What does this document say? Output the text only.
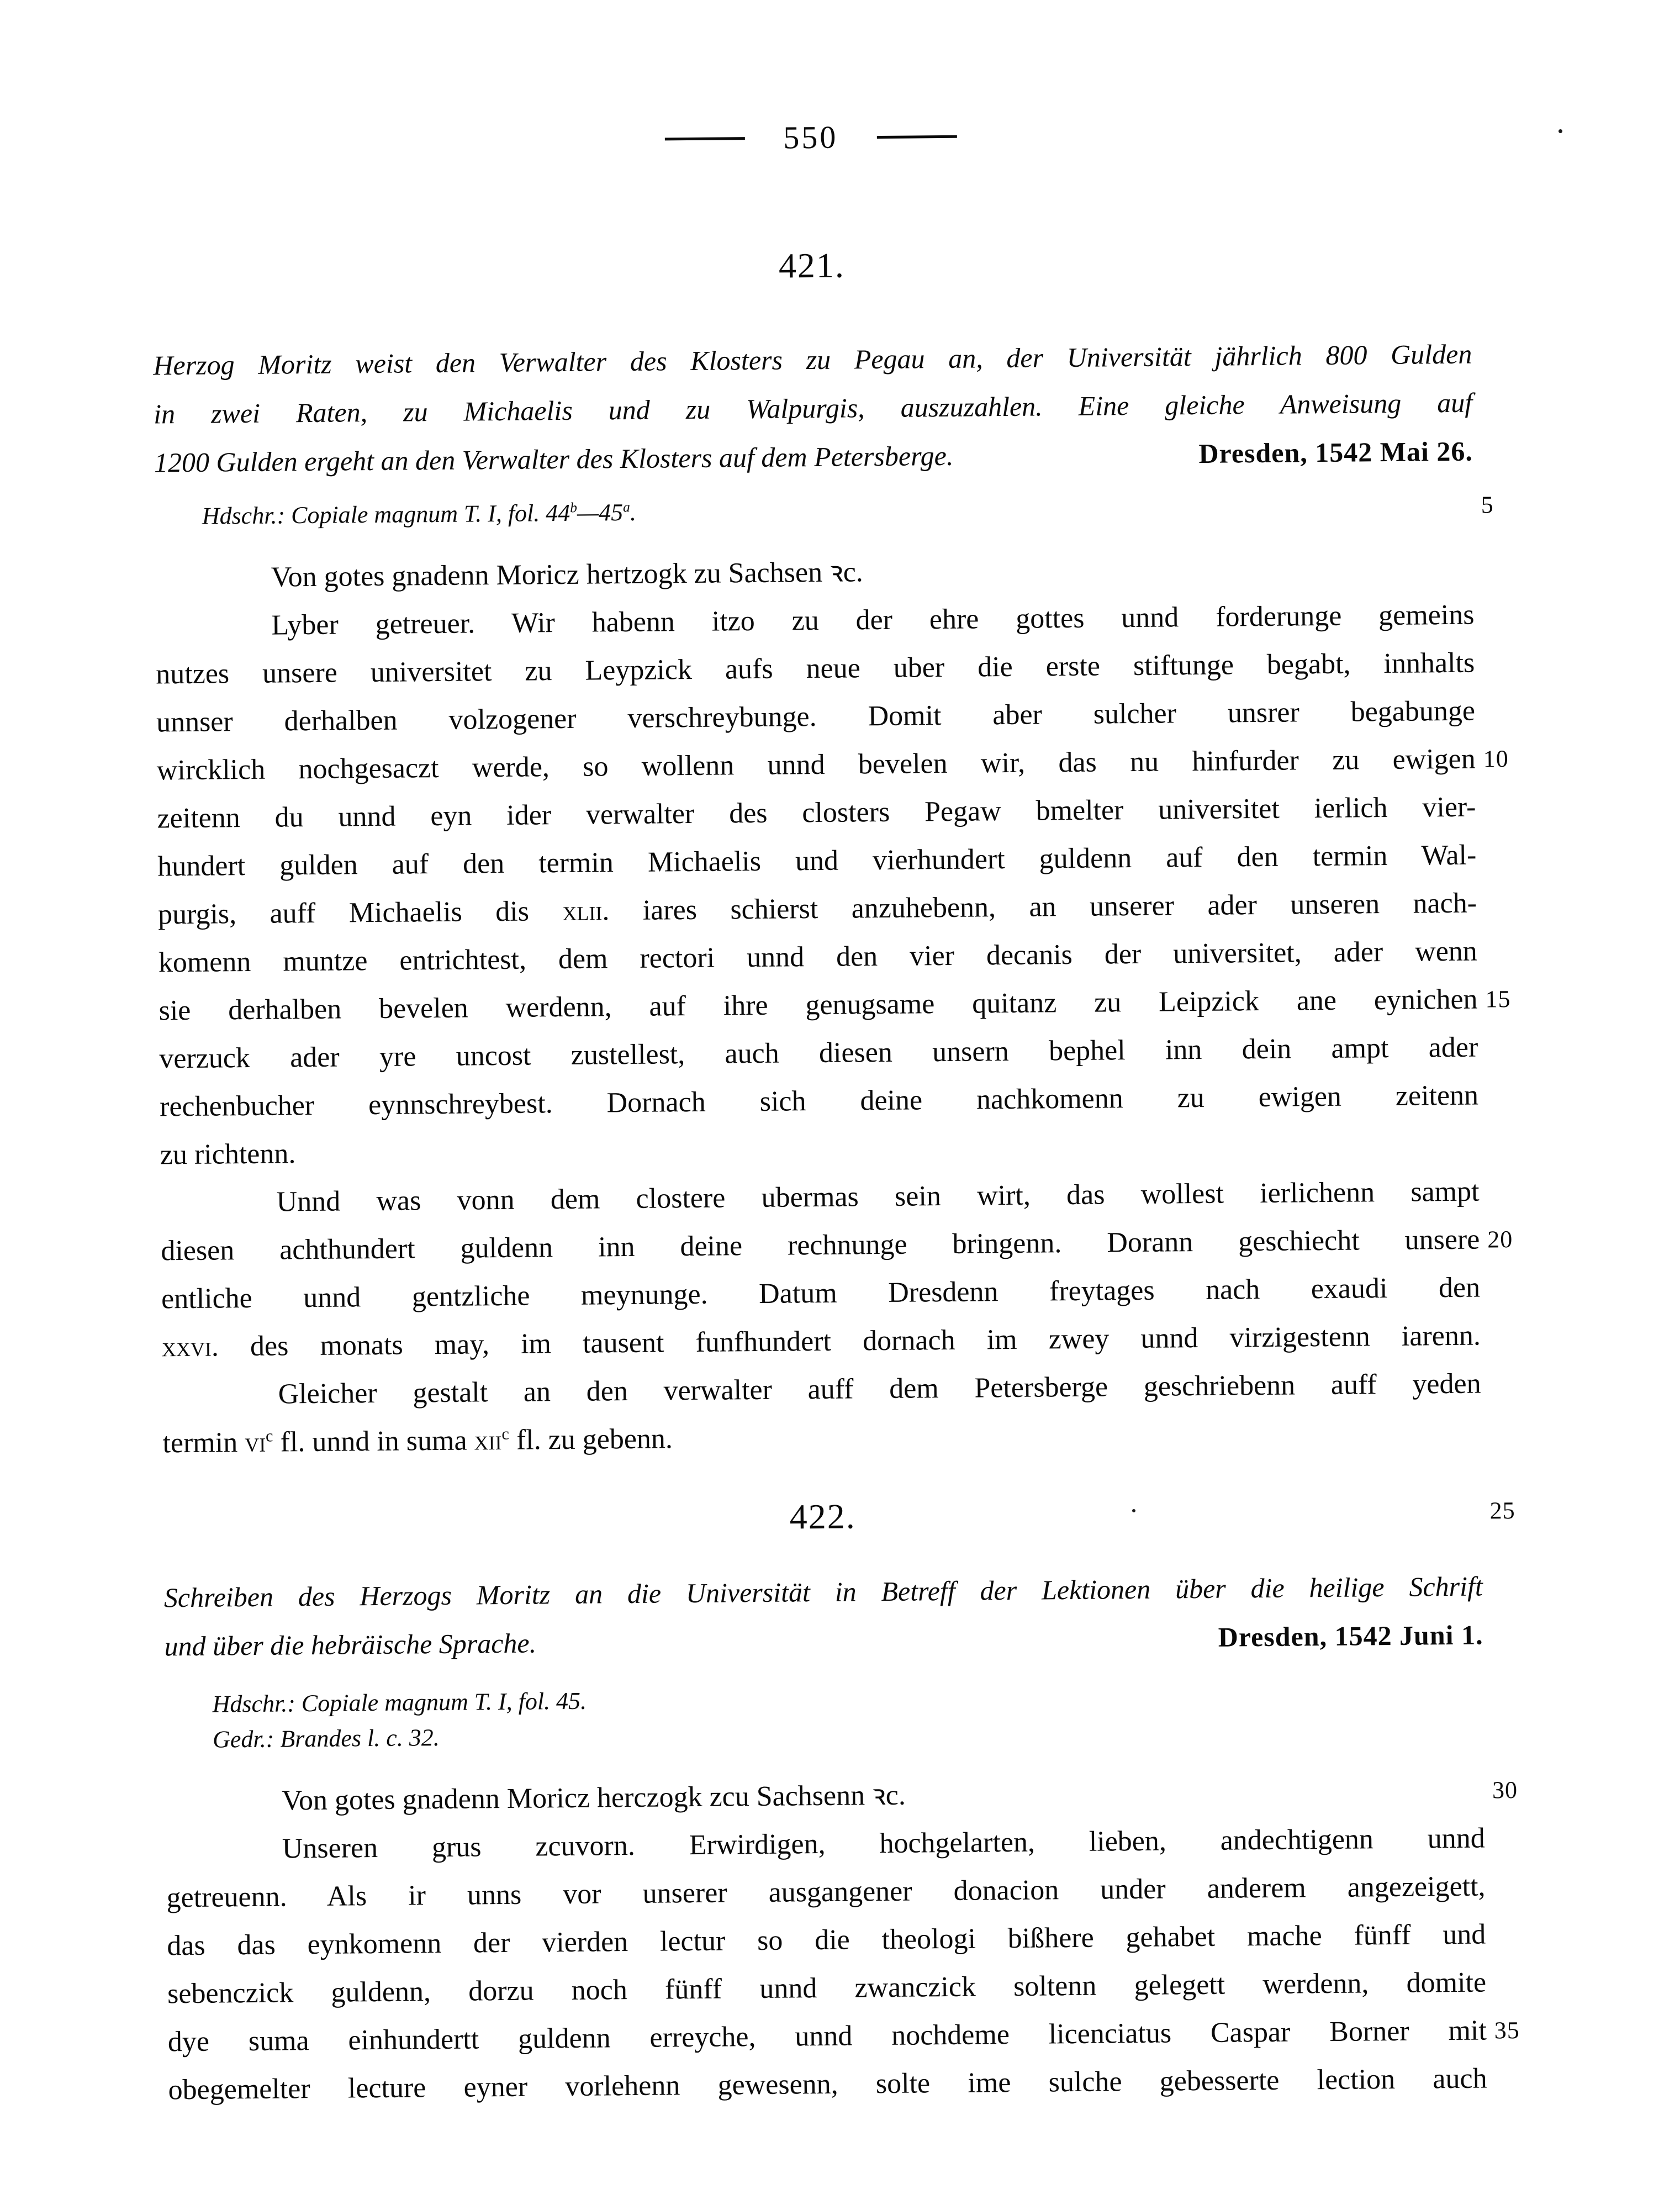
550
421.
Herzog Moritz weist den Verwalter des Klosters zu Pegau an, der Universität jährlich 800 Gulden
in zwei Raten, zu Michaelis und zu Walpurgis, auszuzahlen. Eine gleiche Anweisung auf
1200 Gulden ergeht an den Verwalter des Klosters auf dem Petersberge.	Dresden, 1542 Mai 26.
Hdschr.: Copiale magnum T. I, fol. 44$^b$—45$^a$.	5
Von gotes gnadenn Moricz hertzogk zu Sachsen ꝛc.
Lyber getreuer. Wir habenn itzo zu der ehre gottes unnd forderunge gemeins
nutzes unsere universitet zu Leypzick aufs neue uber die erste stiftunge begabt, innhalts
unnser derhalben volzogener verschreybunge. Domit aber sulcher unsrer begabunge
wircklich nochgesaczt werde, so wollenn unnd bevelen wir, das nu hinfurder zu ewigen 10
zeitenn du unnd eyn ider verwalter des closters Pegaw bmelter universitet ierlich vier-
hundert gulden auf den termin Michaelis und vierhundert guldenn auf den termin Wal-
purgis, auff Michaelis dis xlii. iares schierst anzuhebenn, an unserer ader unseren nach-
komenn muntze entrichtest, dem rectori unnd den vier decanis der universitet, ader wenn
sie derhalben bevelen werdenn, auf ihre genugsame quitanz zu Leipzick ane eynichen 15
verzuck ader yre uncost zustellest, auch diesen unsern bephel inn dein ampt ader
rechenbucher eynnschreybest. Dornach sich deine nachkomenn zu ewigen zeitenn
zu richtenn.
Unnd was vonn dem clostere ubermas sein wirt, das wollest ierlichenn sampt
diesen achthundert guldenn inn deine rechnunge bringenn. Dorann geschiecht unsere 20
entliche unnd gentzliche meynunge. Datum Dresdenn freytages nach exaudi den
xxvi. des monats may, im tausent funfhundert dornach im zwey unnd virzigestenn iarenn.
Gleicher gestalt an den verwalter auff dem Petersberge geschriebenn auff yeden
termin $vi^c$ fl. unnd in suma xii$^c$ fl. zu gebenn.
422.	25
Schreiben des Herzogs Moritz an die Universität in Betreff der Lektionen über die heilige Schrift
und über die hebräische Sprache.	Dresden, 1542 Juni 1.
Hdschr.: Copiale magnum T. I, fol. 45.
Gedr.: Brandes l. c. 32.
Von gotes gnadenn Moricz herczogk zcu Sachsenn ꝛc.	30
Unseren grus zcuvorn. Erwirdigen, hochgelarten, lieben, andechtigenn unnd
getreuenn. Als ir unns vor unserer ausgangener donacion under anderem angezeigett,
das das eynkomenn der vierden lectur so die theologi bißhere gehabet mache fünff und
sebenczick guldenn, dorzu noch fünff unnd zwanczick soltenn gelegett werdenn, domite
dye suma einhundertt guldenn erreyche, unnd nochdeme licenciatus Caspar Borner mit 35
obegemelter lecture eyner vorlehenn gewesenn, solte ime sulche gebesserte lection auch
